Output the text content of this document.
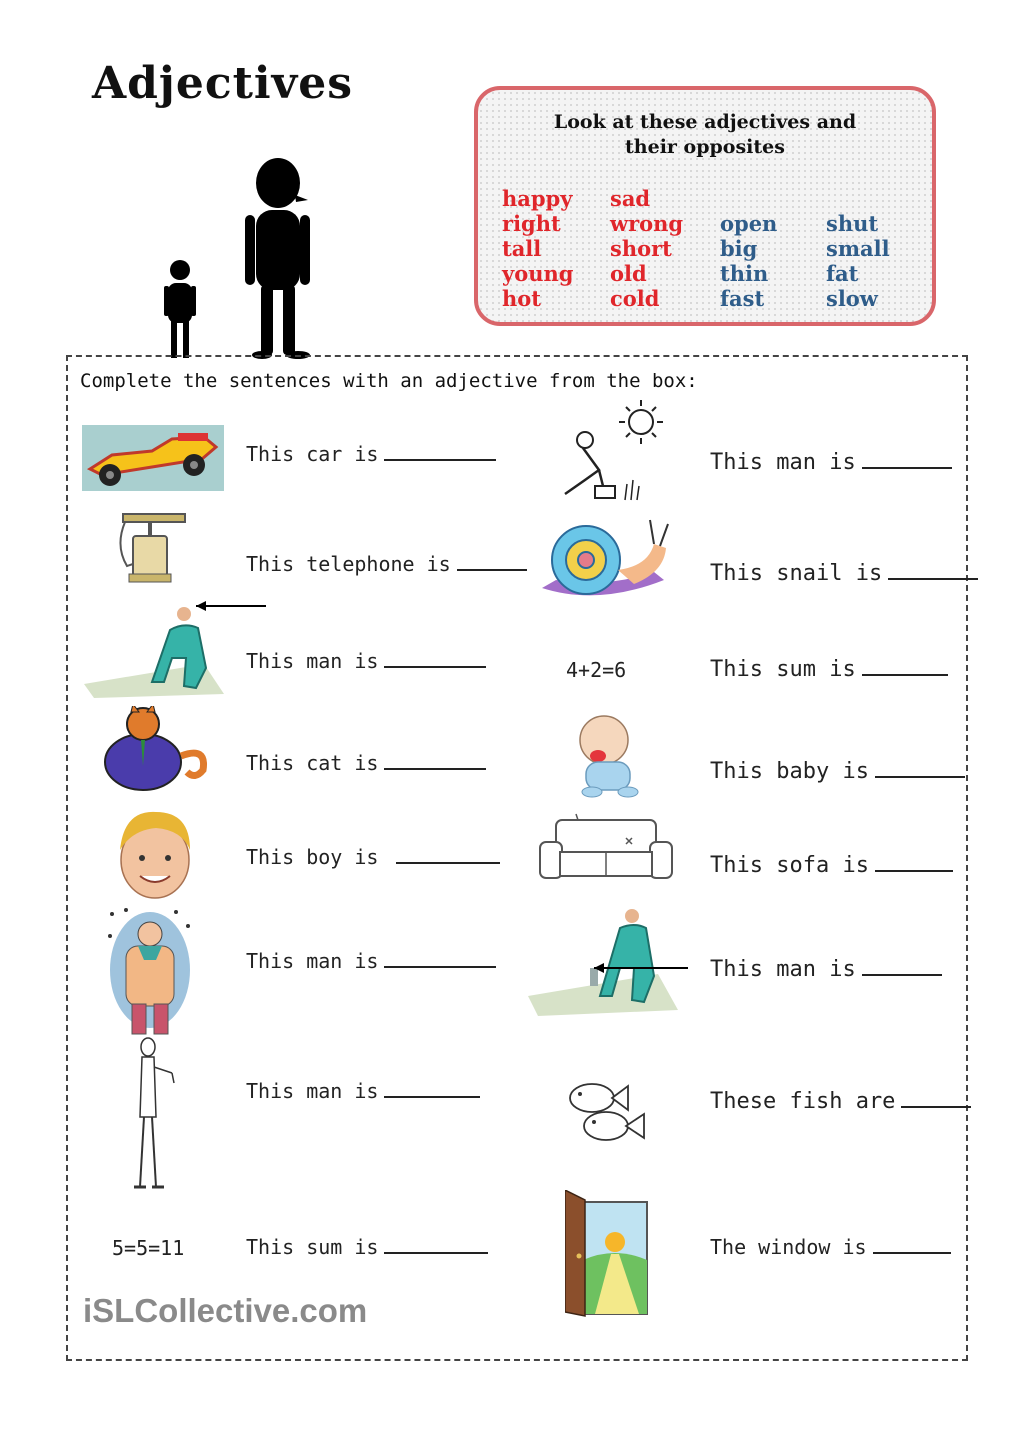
Adjectives
Look at these adjectives and
their opposites
happy
right
tall
young
hot
sad
wrong
short
old
cold
open
big
thin
fast
shut
small
fat
slow
Complete the sentences with an adjective from the box:
This car is
This telephone is
This man is
This cat is
This boy is
This man is
This man is
5=5=11	This sum is
This man is
This snail is
4+2=6	This sum is
This baby is
This sofa is
This man is
These fish are
The window is
iSLCollective.com
